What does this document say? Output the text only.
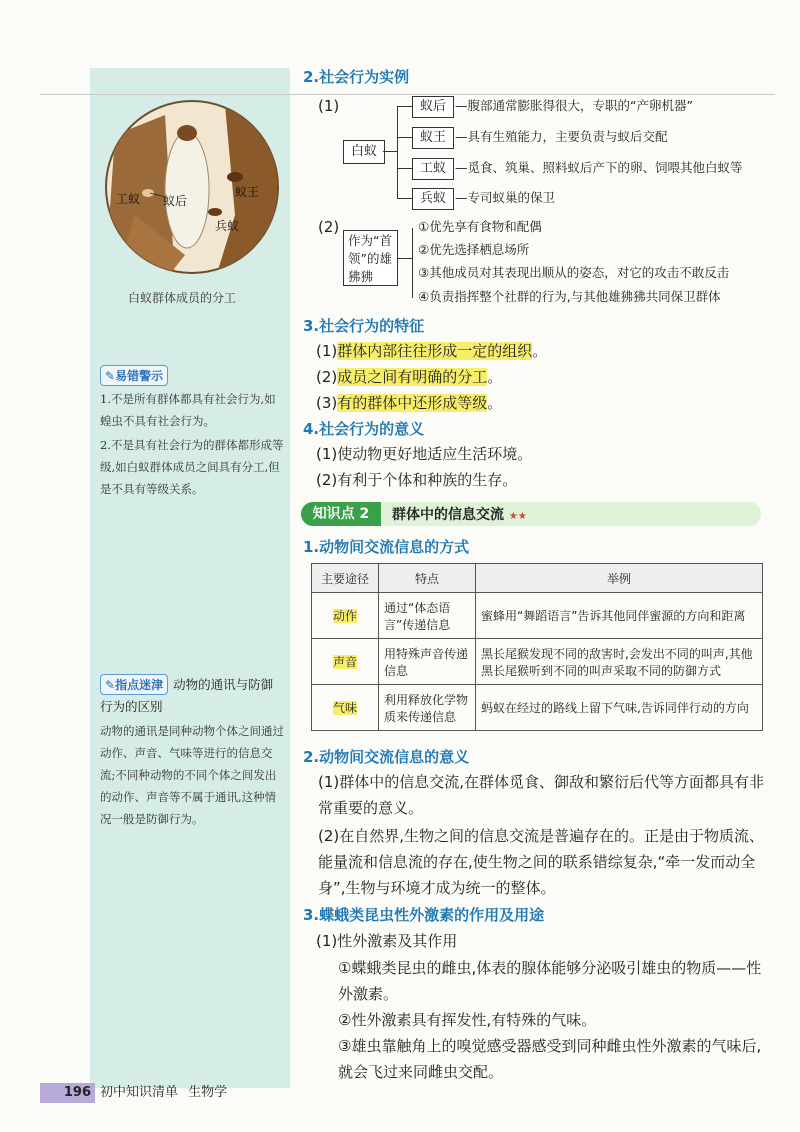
工蚁 蚁后
蚁王
兵蚁
白蚁群体成员的分工
2.社会行为实例
(1)
白蚁
蚁后 —腹部通常膨胀得很大，专职的“产卵机器”
蚁王 —具有生殖能力，主要负责与蚁后交配
工蚁 —觅食、筑巢、照料蚁后产下的卵、饲喂其他白蚁等
兵蚁 —专司蚁巢的保卫
(2)
作为“首领”的雄狒狒
①优先享有食物和配偶
②优先选择栖息场所
③其他成员对其表现出顺从的姿态，对它的攻击不敢反击
④负责指挥整个社群的行为,与其他雄狒狒共同保卫群体
3.社会行为的特征
(1)群体内部往往形成一定的组织。
(2)成员之间有明确的分工。
(3)有的群体中还形成等级。
4.社会行为的意义
(1)使动物更好地适应生活环境。
(2)有利于个体和种族的生存。
知识点 2	群体中的信息交流 ★★
1.动物间交流信息的方式
主要途径	特点	举例
动作	通过“体态语言”传递信息	蜜蜂用“舞蹈语言”告诉其他同伴蜜源的方向和距离
声音	用特殊声音传递信息	黑长尾猴发现不同的敌害时,会发出不同的叫声,其他黑长尾猴听到不同的叫声采取不同的防御方式
气味	利用释放化学物质来传递信息	蚂蚁在经过的路线上留下气味,告诉同伴行动的方向
2.动物间交流信息的意义
(1)群体中的信息交流,在群体觅食、御敌和繁衍后代等方面都具有非常重要的意义。
(2)在自然界,生物之间的信息交流是普遍存在的。正是由于物质流、能量流和信息流的存在,使生物之间的联系错综复杂,“牵一发而动全身”,生物与环境才成为统一的整体。
3.蝶蛾类昆虫性外激素的作用及用途
(1)性外激素及其作用
①蝶蛾类昆虫的雌虫,体表的腺体能够分泌吸引雄虫的物质——性外激素。
②性外激素具有挥发性,有特殊的气味。
③雄虫靠触角上的嗅觉感受器感受到同种雌虫性外激素的气味后,就会飞过来同雌虫交配。
✎易错警示
1.不是所有群体都具有社会行为,如蝗虫不具有社会行为。
2.不是具有社会行为的群体都形成等级,如白蚁群体成员之间具有分工,但是不具有等级关系。
✎指点迷津 动物的通讯与防御行为的区别
动物的通讯是同种动物个体之间通过动作、声音、气味等进行的信息交流;不同种动物的不同个体之间发出的动作、声音等不属于通讯,这种情况一般是防御行为。
196 初中知识清单 生物学
